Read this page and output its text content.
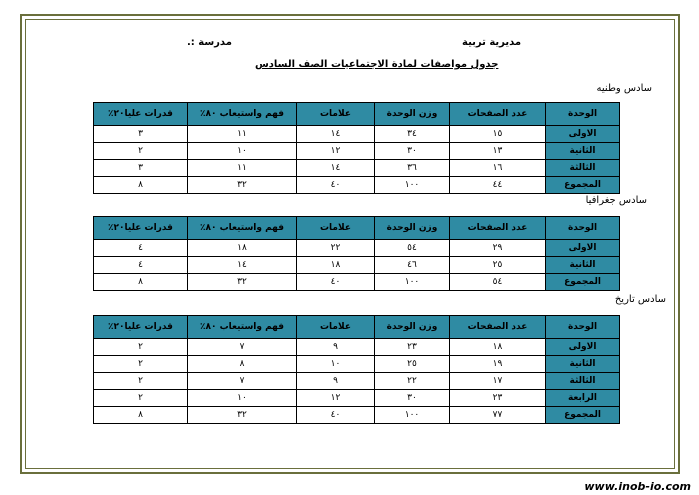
مديرية تربية
مدرسة :.
جدول مواصفات لمادة الاجتماعيات الصف السادس
سادس وطنيه
الوحدة	عدد الصفحات	وزن الوحدة	علامات	فهم واستيعاب ٨٠٪	قدرات عليا٢٠٪
الاولى	١٥	٣٤	١٤	١١	٣
الثانية	١٣	٣٠	١٢	١٠	٢
الثالثة	١٦	٣٦	١٤	١١	٣
المجموع	٤٤	١٠٠	٤٠	٣٢	٨
سادس جغرافيا
الوحدة	عدد الصفحات	وزن الوحدة	علامات	فهم واستيعاب ٨٠٪	قدرات عليا٢٠٪
الاولى	٢٩	٥٤	٢٢	١٨	٤
الثانية	٢٥	٤٦	١٨	١٤	٤
المجموع	٥٤	١٠٠	٤٠	٣٢	٨
سادس تاريخ
الوحدة	عدد الصفحات	وزن الوحدة	علامات	فهم واستيعاب ٨٠٪	قدرات عليا٢٠٪
الاولى	١٨	٢٣	٩	٧	٢
الثانية	١٩	٢٥	١٠	٨	٢
الثالثة	١٧	٢٢	٩	٧	٢
الرابعة	٢٣	٣٠	١٢	١٠	٢
المجموع	٧٧	١٠٠	٤٠	٣٢	٨
www.inob-io.com
